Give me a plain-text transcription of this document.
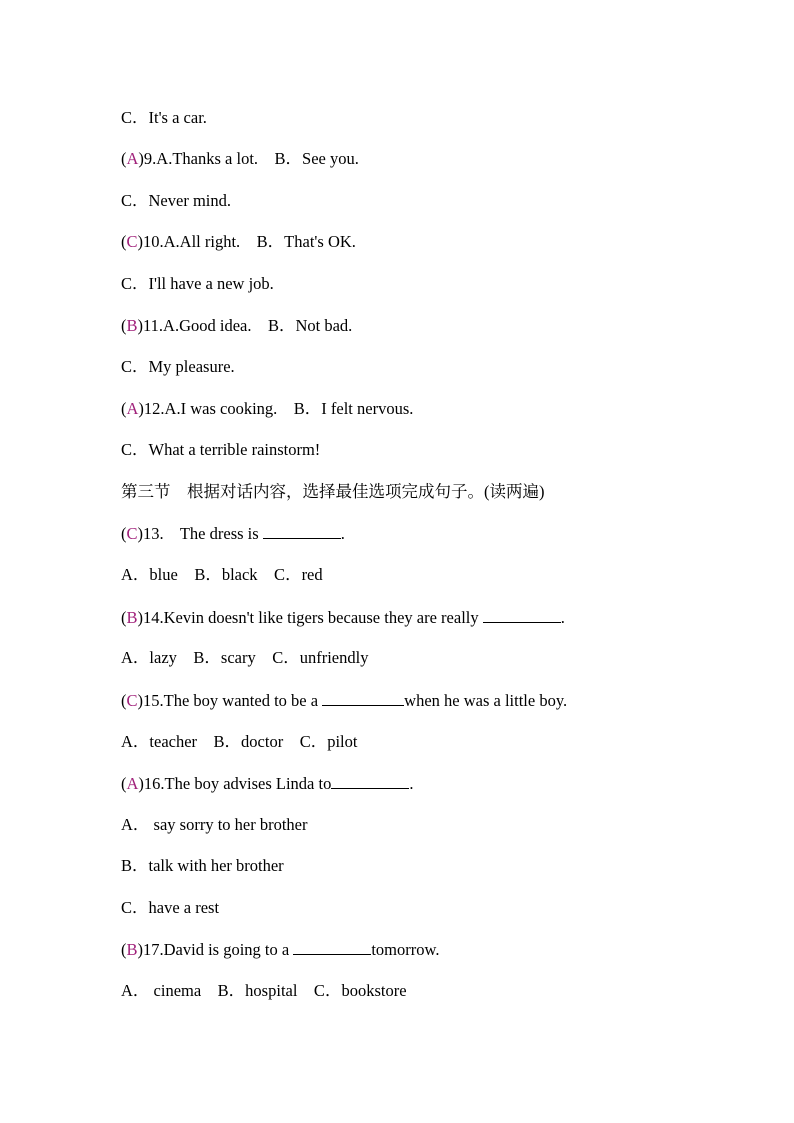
C．It's a car.
(A)9.A.Thanks a lot.    B．See you.
C．Never mind.
(C)10.A.All right.    B．That's OK.
C．I'll have a new job.
(B)11.A.Good idea.    B．Not bad.
C．My pleasure.
(A)12.A.I was cooking.    B．I felt nervous.
C．What a terrible rainstorm!
第三节　根据对话内容，选择最佳选项完成句子。(读两遍)
(C)13.    The dress is	.
A．blue    B．black    C．red
(B)14.Kevin doesn't like tigers because they are really	.
A．lazy    B．scary    C．unfriendly
(C)15.The boy wanted to be a	when he was a little boy.
A．teacher    B．doctor    C．pilot
(A)16.The boy advises Linda to	.
A． say sorry to her brother
B．talk with her brother
C．have a rest
(B)17.David is going to a	tomorrow.
A． cinema    B．hospital    C．bookstore
